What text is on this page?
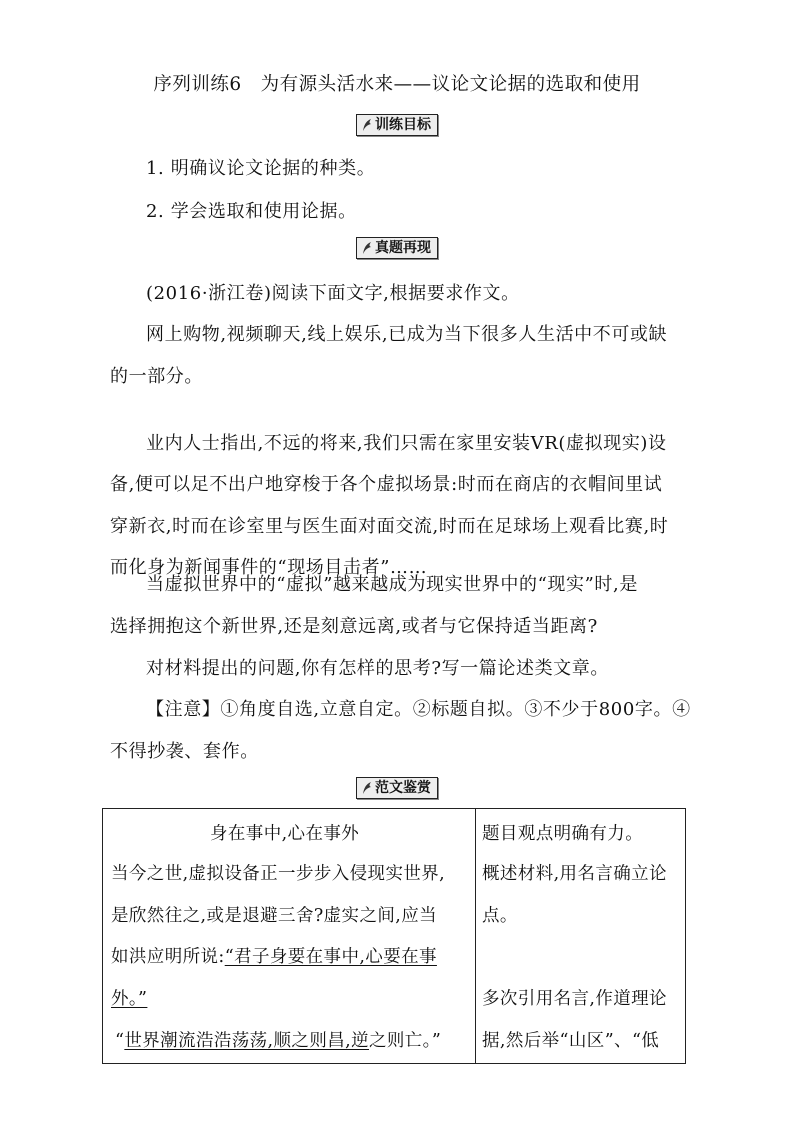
序列训练6　为有源头活水来——议论文论据的选取和使用
训练目标
1. 明确议论文论据的种类。
2. 学会选取和使用论据。
真题再现
(2016·浙江卷)阅读下面文字,根据要求作文。
网上购物,视频聊天,线上娱乐,已成为当下很多人生活中不可或缺
的一部分。
业内人士指出,不远的将来,我们只需在家里安装VR(虚拟现实)设
备,便可以足不出户地穿梭于各个虚拟场景:时而在商店的衣帽间里试
穿新衣,时而在诊室里与医生面对面交流,时而在足球场上观看比赛,时
而化身为新闻事件的“现场目击者”……
当虚拟世界中的“虚拟”越来越成为现实世界中的“现实”时,是
选择拥抱这个新世界,还是刻意远离,或者与它保持适当距离?
对材料提出的问题,你有怎样的思考?写一篇论述类文章。
【注意】①角度自选,立意自定。②标题自拟。③不少于800字。④
不得抄袭、套作。
范文鉴赏
身在事中,心在事外
当今之世,虚拟设备正一步步入侵现实世界,
是欣然往之,或是退避三舍?虚实之间,应当
如洪应明所说:“君子身要在事中,心要在事
外。”
“世界潮流浩浩荡荡,顺之则昌,逆之则亡。”
题目观点明确有力。
概述材料,用名言确立论
点。
多次引用名言,作道理论
据,然后举“山区”、“低
